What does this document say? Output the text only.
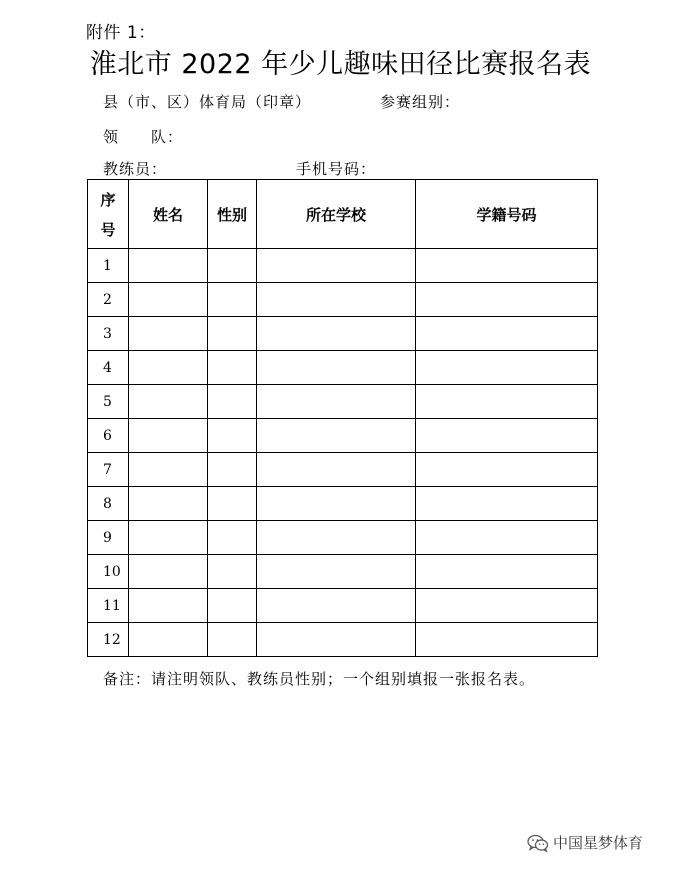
附件 1：
淮北市 2022 年少儿趣味田径比赛报名表
县（市、区）体育局（印章）	参赛组别：
领　　队：
教练员：	手机号码：
序
号	姓名	性别	所在学校	学籍号码
1				
2				
3				
4				
5				
6				
7				
8				
9				
10				
11				
12				
备注：请注明领队、教练员性别；一个组别填报一张报名表。
中国星梦体育
